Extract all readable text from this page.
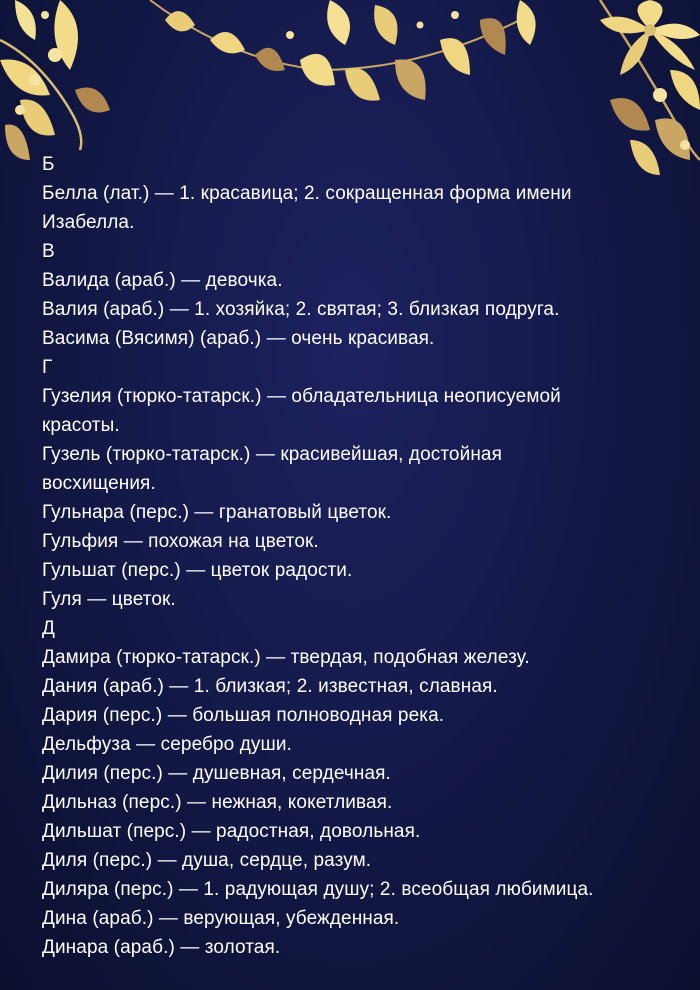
Б
Белла (лат.) — 1. красавица; 2. сокращенная форма имени
Изабелла.
В
Валида (араб.) — девочка.
Валия (араб.) — 1. хозяйка; 2. святая; 3. близкая подруга.
Васима (Вясимя) (араб.) — очень красивая.
Г
Гузелия (тюрко-татарск.) — обладательница неописуемой
красоты.
Гузель (тюрко-татарск.) — красивейшая, достойная
восхищения.
Гульнара (перс.) — гранатовый цветок.
Гульфия — похожая на цветок.
Гульшат (перс.) — цветок радости.
Гуля — цветок.
Д
Дамира (тюрко-татарск.) — твердая, подобная железу.
Дания (араб.) — 1. близкая; 2. известная, славная.
Дария (перс.) — большая полноводная река.
Дельфуза — серебро души.
Дилия (перс.) — душевная, сердечная.
Дильназ (перс.) — нежная, кокетливая.
Дильшат (перс.) — радостная, довольная.
Диля (перс.) — душа, сердце, разум.
Диляра (перс.) — 1. радующая душу; 2. всеобщая любимица.
Дина (араб.) — верующая, убежденная.
Динара (араб.) — золотая.
